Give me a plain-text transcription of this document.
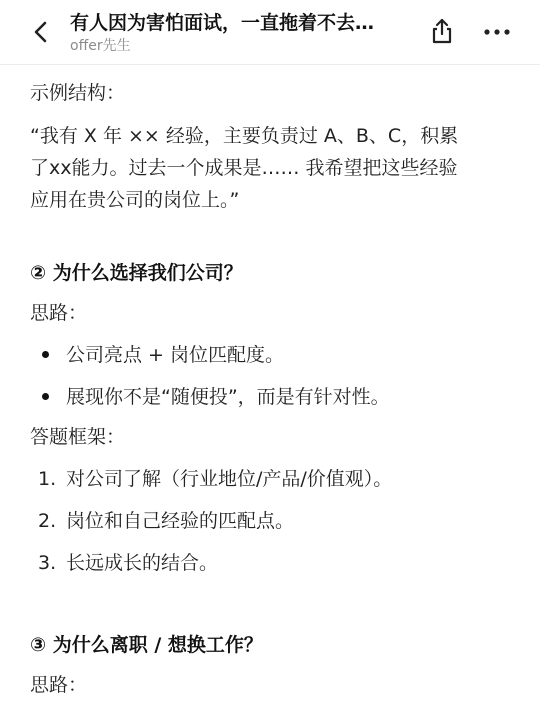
有人因为害怕面试，一直拖着不去…
offer先生
示例结构：
“我有 X 年 ×× 经验，主要负责过 A、B、C，积累
了xx能力。过去一个成果是…… 我希望把这些经验
应用在贵公司的岗位上。”
② 为什么选择我们公司？
思路：
公司亮点 + 岗位匹配度。
展现你不是“随便投”，而是有针对性。
答题框架：
1. 对公司了解（行业地位/产品/价值观）。
2. 岗位和自己经验的匹配点。
3. 长远成长的结合。
③ 为什么离职 / 想换工作？
思路：
